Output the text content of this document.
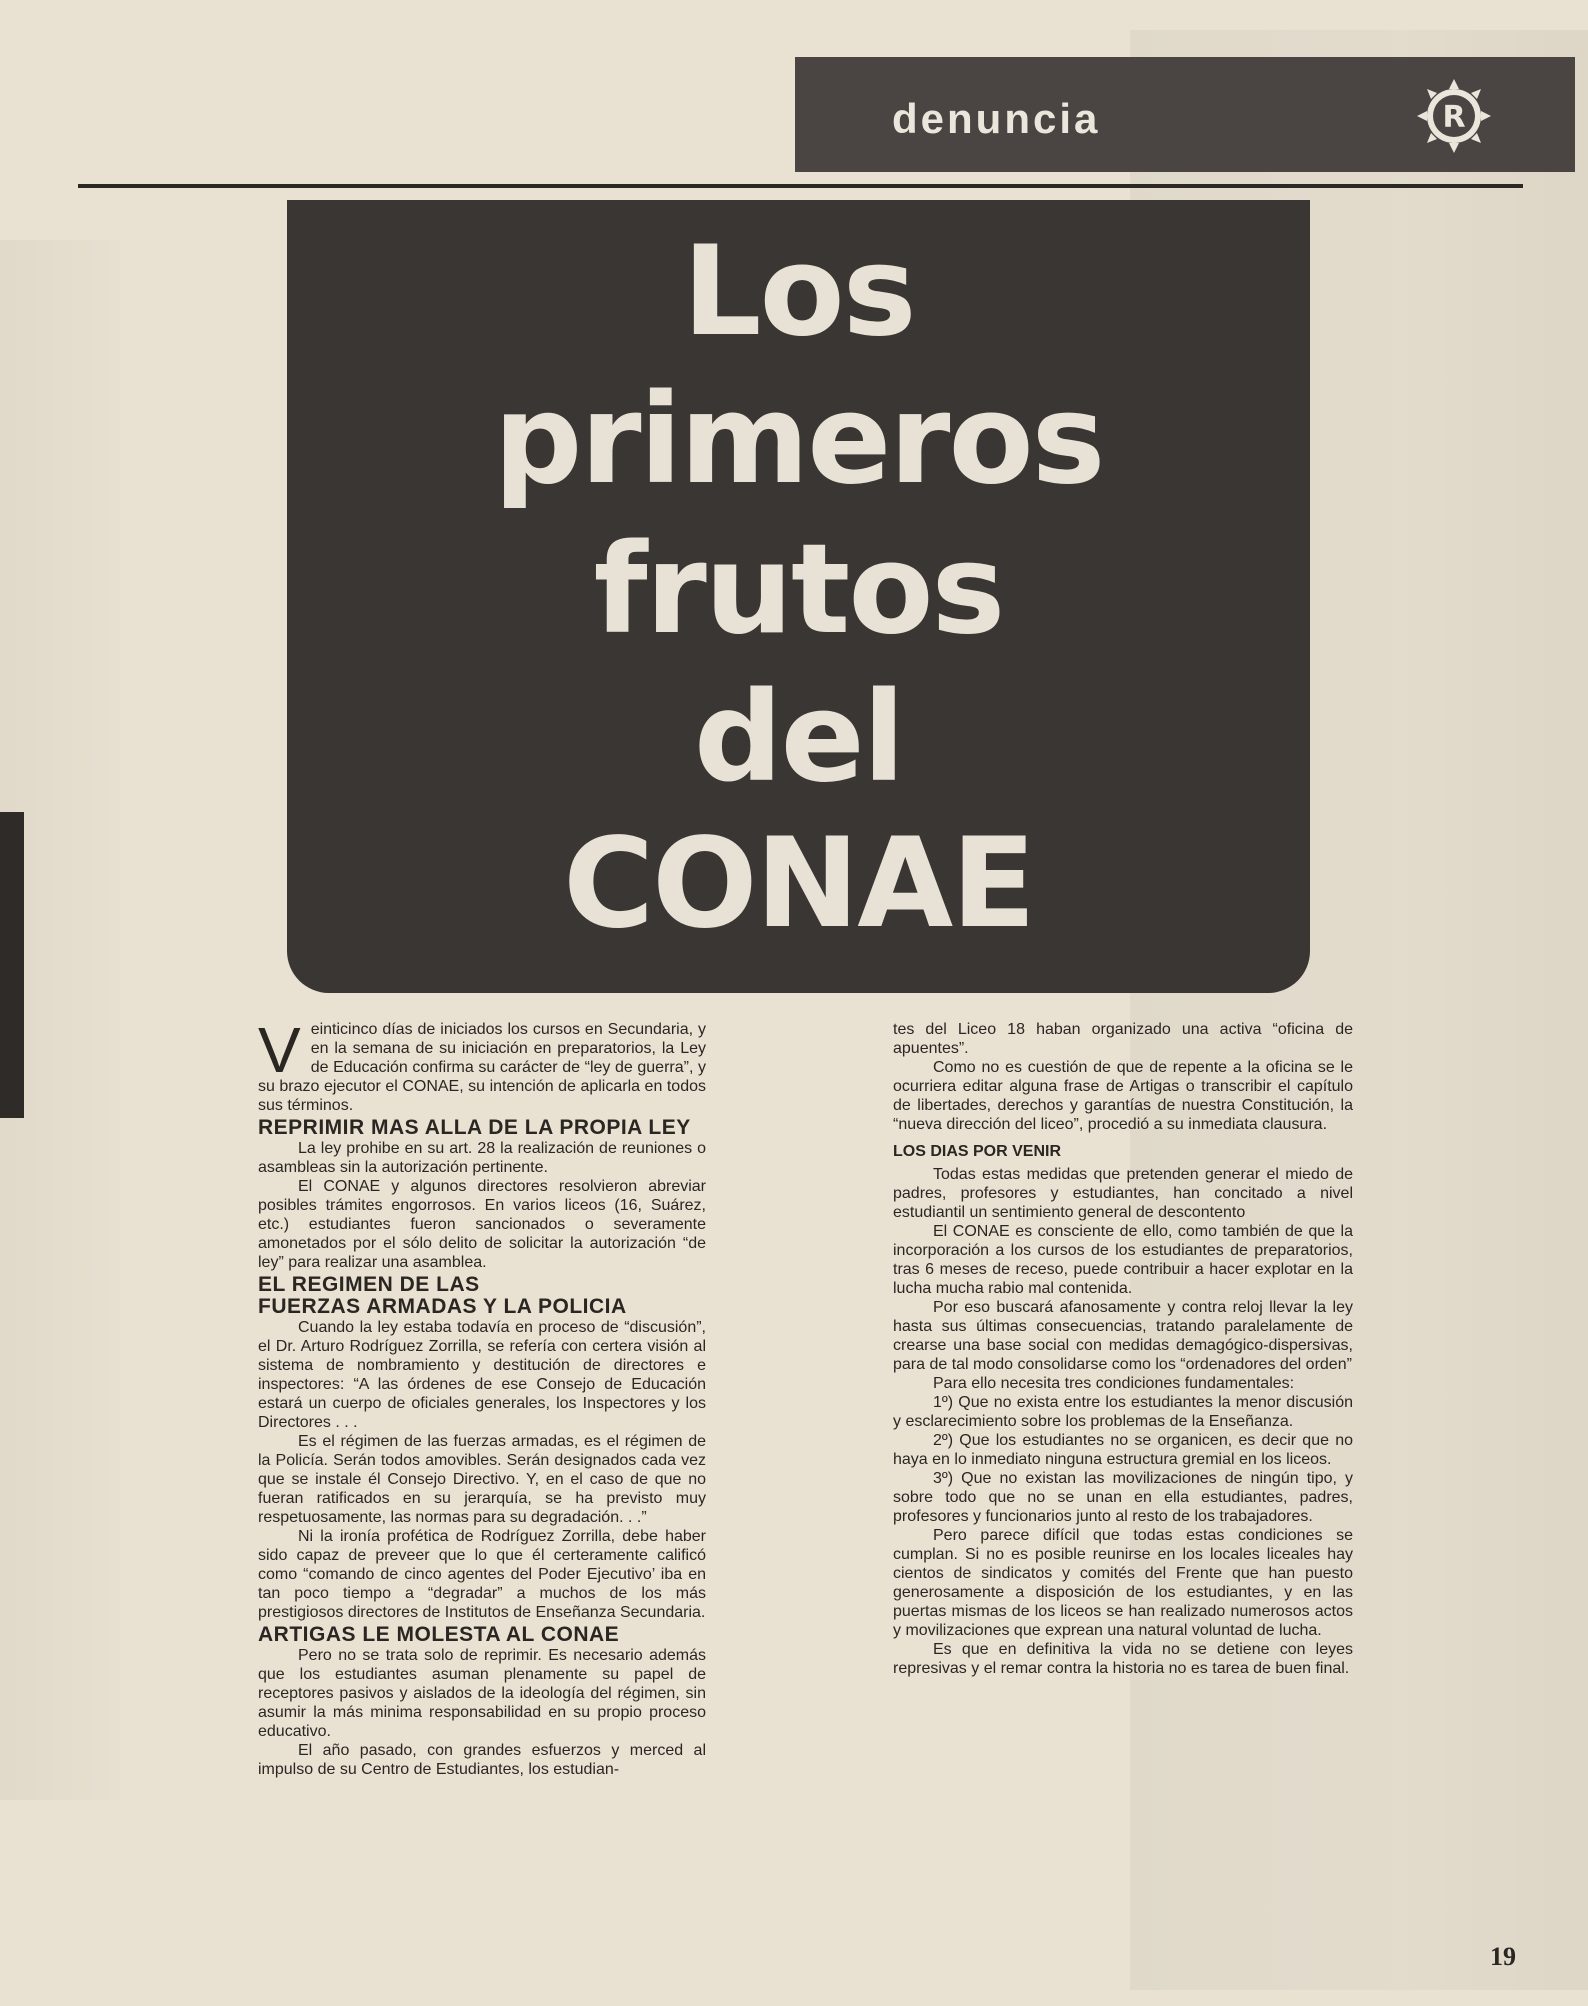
denuncia	R
Los
primeros
frutos
del
CONAE

Veinticinco días de iniciados los cursos en Secundaria, y en la semana de su iniciación en preparatorios, la Ley de Educación confirma su carácter de “ley de guerra”, y su brazo ejecutor el CONAE, su intención de aplicarla en todos sus términos.

REPRIMIR MAS ALLA DE LA PROPIA LEY

La ley prohibe en su art. 28 la realización de reuniones o asambleas sin la autorización pertinente.

El CONAE y algunos directores resolvieron abreviar posibles trámites engorrosos. En varios liceos (16, Suárez, etc.) estudiantes fueron sancionados o severamente amonetados por el sólo delito de solicitar la autorización “de ley” para realizar una asamblea.

EL REGIMEN DE LAS
FUERZAS ARMADAS Y LA POLICIA

Cuando la ley estaba todavía en proceso de “discusión”, el Dr. Arturo Rodríguez Zorrilla, se refería con certera visión al sistema de nombramiento y destitución de directores e inspectores: “A las órdenes de ese Consejo de Educación estará un cuerpo de oficiales generales, los Inspectores y los Directores . . .

Es el régimen de las fuerzas armadas, es el régimen de la Policía. Serán todos amovibles. Serán designados cada vez que se instale él Consejo Directivo. Y, en el caso de que no fueran ratificados en su jerarquía, se ha previsto muy respetuosamente, las normas para su degradación. . .”

Ni la ironía profética de Rodríguez Zorrilla, debe haber sido capaz de preveer que lo que él certeramente calificó como “comando de cinco agentes del Poder Ejecutivo’ iba en tan poco tiempo a “degradar” a muchos de los más prestigiosos directores de Institutos de Enseñanza Secundaria.

ARTIGAS LE MOLESTA AL CONAE

Pero no se trata solo de reprimir. Es necesario además que los estudiantes asuman plenamente su papel de receptores pasivos y aislados de la ideología del régimen, sin asumir la más minima responsabilidad en su propio proceso educativo.

El año pasado, con grandes esfuerzos y merced al impulso de su Centro de Estudiantes, los estudian-

tes del Liceo 18 haban organizado una activa “oficina de apuentes”.

Como no es cuestión de que de repente a la oficina se le ocurriera editar alguna frase de Artigas o transcribir el capítulo de libertades, derechos y garantías de nuestra Constitución, la “nueva dirección del liceo”, procedió a su inmediata clausura.

LOS DIAS POR VENIR

Todas estas medidas que pretenden generar el miedo de padres, profesores y estudiantes, han concitado a nivel estudiantil un sentimiento general de descontento

El CONAE es consciente de ello, como también de que la incorporación a los cursos de los estudiantes de preparatorios, tras 6 meses de receso, puede contribuir a hacer explotar en la lucha mucha rabio mal contenida.

Por eso buscará afanosamente y contra reloj llevar la ley hasta sus últimas consecuencias, tratando paralelamente de crearse una base social con medidas demagógico-dispersivas, para de tal modo consolidarse como los “ordenadores del orden”

Para ello necesita tres condiciones fundamentales:

1º) Que no exista entre los estudiantes la menor discusión y esclarecimiento sobre los problemas de la Enseñanza.

2º) Que los estudiantes no se organicen, es decir que no haya en lo inmediato ninguna estructura gremial en los liceos.

3º) Que no existan las movilizaciones de ningún tipo, y sobre todo que no se unan en ella estudiantes, padres, profesores y funcionarios junto al resto de los trabajadores.

Pero parece difícil que todas estas condiciones se cumplan. Si no es posible reunirse en los locales liceales hay cientos de sindicatos y comités del Frente que han puesto generosamente a disposición de los estudiantes, y en las puertas mismas de los liceos se han realizado numerosos actos y movilizaciones que exprean una natural voluntad de lucha.

Es que en definitiva la vida no se detiene con leyes represivas y el remar contra la historia no es tarea de buen final.

19
